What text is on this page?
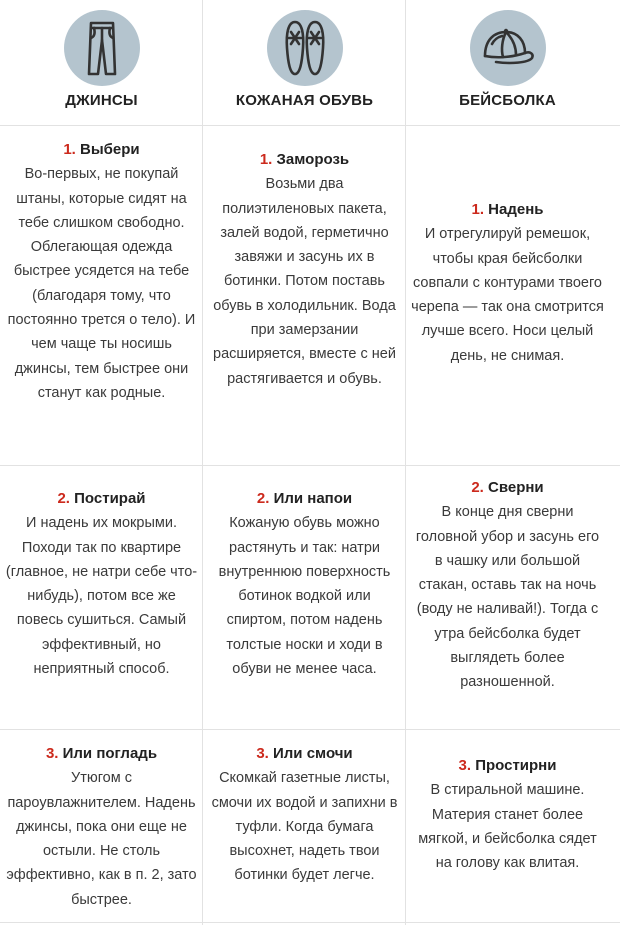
ДЖИНСЫ	КОЖАНАЯ ОБУВЬ	БЕЙСБОЛКА
1. Выбери
Во-первых, не покупай штаны, которые сидят на тебе слишком свободно. Облегающая одежда быстрее усядется на тебе (благодаря тому, что постоянно трется о тело). И чем чаще ты носишь джинсы, тем быстрее они станут как родные.
1. Заморозь
Возьми два полиэтиленовых пакета, залей водой, герметично завяжи и засунь их в ботинки. Потом поставь обувь в холодильник. Вода при замерзании расширяется, вместе с ней растягивается и обувь.
1. Надень
И отрегулируй ремешок, чтобы края бейсболки совпали с контурами твоего черепа — так она смотрится лучше всего. Носи целый день, не снимая.
2. Постирай
И надень их мокрыми. Походи так по квартире (главное, не натри себе что-нибудь), потом все же повесь сушиться. Самый эффективный, но неприятный способ.
2. Или напои
Кожаную обувь можно растянуть и так: натри внутреннюю поверхность ботинок водкой или спиртом, потом надень толстые носки и ходи в обуви не менее часа.
2. Сверни
В конце дня сверни головной убор и засунь его в чашку или большой стакан, оставь так на ночь (воду не наливай!). Тогда с утра бейсболка будет выглядеть более разношенной.
3. Или погладь
Утюгом с пароувлажнителем. Надень джинсы, пока они еще не остыли. Не столь эффективно, как в п. 2, зато быстрее.
3. Или смочи
Скомкай газетные листы, смочи их водой и запихни в туфли. Когда бумага высохнет, надеть твои ботинки будет легче.
3. Простирни
В стиральной машине. Материя станет более мягкой, и бейсболка сядет на голову как влитая.
